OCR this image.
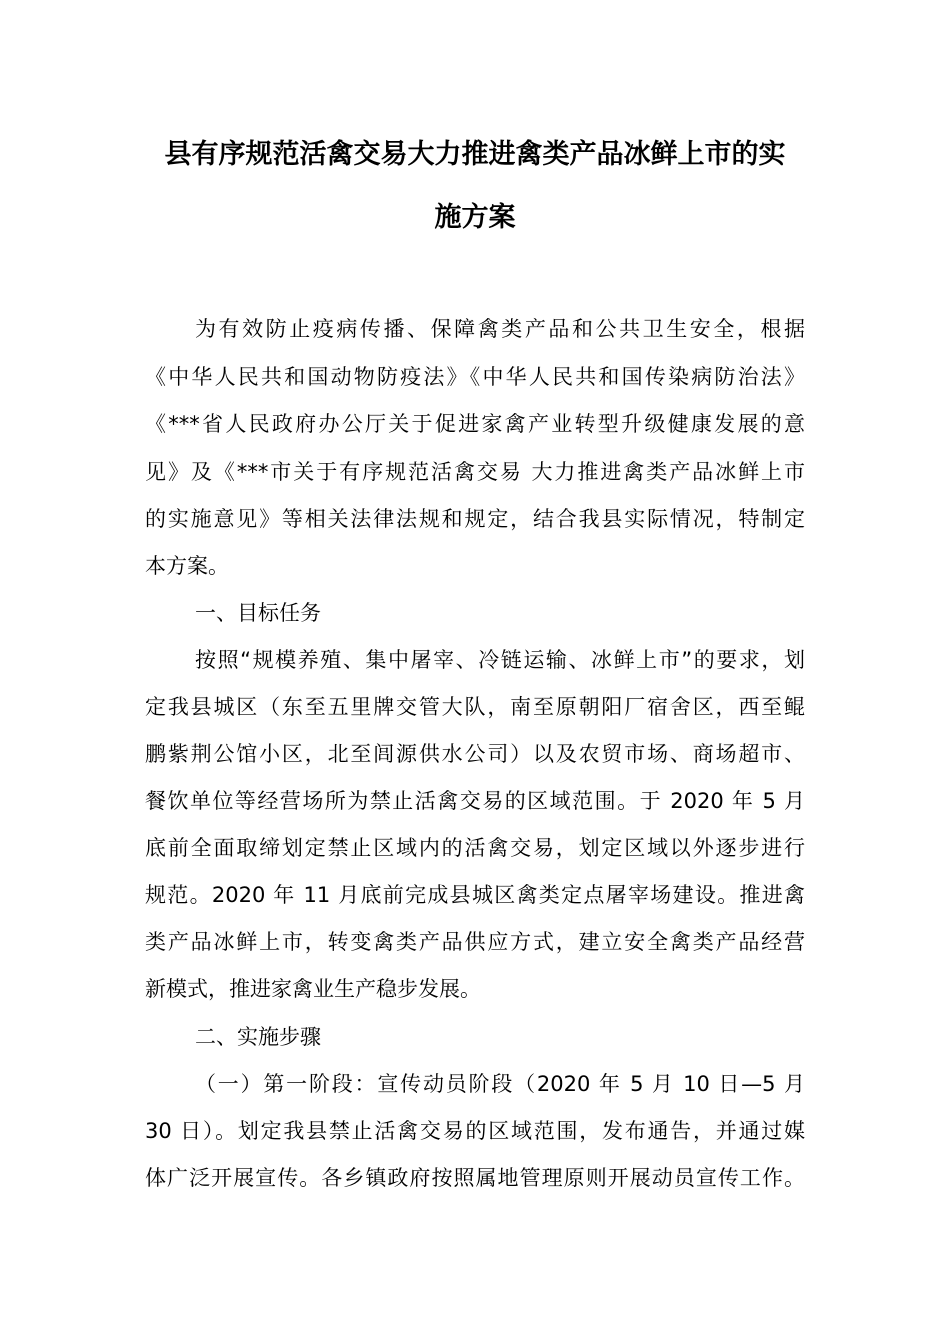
县有序规范活禽交易大力推进禽类产品冰鲜上市的实
施方案
为有效防止疫病传播、保障禽类产品和公共卫生安全，根据
《中华人民共和国动物防疫法》《中华人民共和国传染病防治法》
《***省人民政府办公厅关于促进家禽产业转型升级健康发展的意
见》及《***市关于有序规范活禽交易 大力推进禽类产品冰鲜上市
的实施意见》等相关法律法规和规定，结合我县实际情况，特制定
本方案。
一、目标任务
按照“规模养殖、集中屠宰、冷链运输、冰鲜上市”的要求，划
定我县城区（东至五里牌交管大队，南至原朝阳厂宿舍区，西至鲲
鹏紫荆公馆小区，北至闾源供水公司）以及农贸市场、商场超市、
餐饮单位等经营场所为禁止活禽交易的区域范围。于 2020 年 5 月
底前全面取缔划定禁止区域内的活禽交易，划定区域以外逐步进行
规范。2020 年 11 月底前完成县城区禽类定点屠宰场建设。推进禽
类产品冰鲜上市，转变禽类产品供应方式，建立安全禽类产品经营
新模式，推进家禽业生产稳步发展。
二、实施步骤
（一）第一阶段：宣传动员阶段（2020 年 5 月 10 日—5 月
30 日）。划定我县禁止活禽交易的区域范围，发布通告，并通过媒
体广泛开展宣传。各乡镇政府按照属地管理原则开展动员宣传工作。
